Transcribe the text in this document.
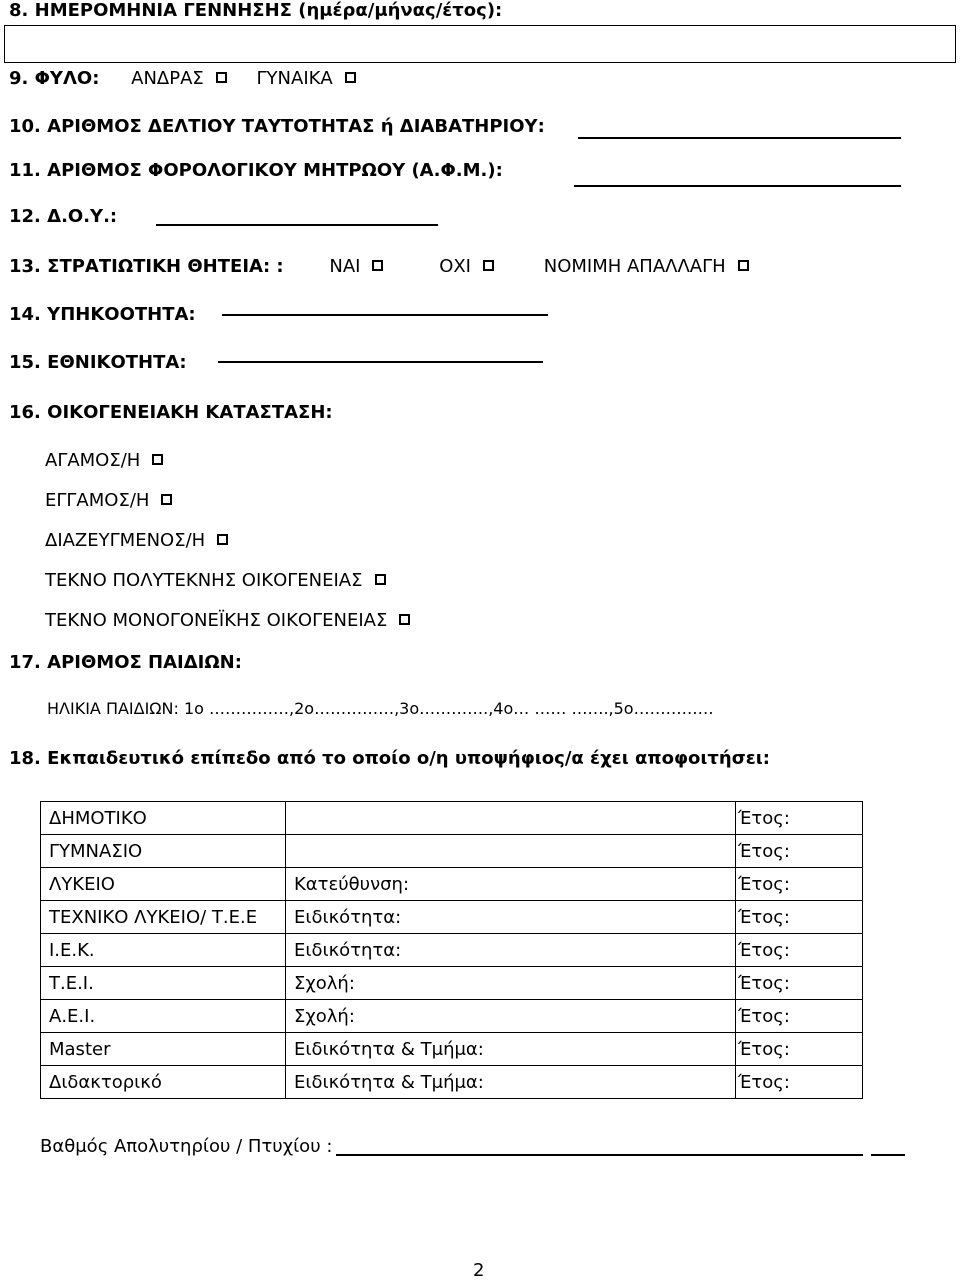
8. ΗΜΕΡΟΜΗΝΙΑ ΓΕΝΝΗΣΗΣ (ημέρα/μήνας/έτος):
9. ΦΥΛΟ: ΑΝΔΡΑΣ	ΓΥΝΑΙΚΑ
10. ΑΡΙΘΜΟΣ ΔΕΛΤΙΟΥ ΤΑΥΤΟΤΗΤΑΣ ή ΔΙΑΒΑΤΗΡΙΟΥ:
11. ΑΡΙΘΜΟΣ ΦΟΡΟΛΟΓΙΚΟΥ ΜΗΤΡΩΟΥ (Α.Φ.Μ.):
12. Δ.Ο.Υ.:
13. ΣΤΡΑΤΙΩΤΙΚΗ ΘΗΤΕΙΑ: :	ΝΑΙ	ΟΧΙ	ΝΟΜΙΜΗ ΑΠΑΛΛΑΓΗ
14. ΥΠΗΚΟΟΤΗΤΑ:
15. ΕΘΝΙΚΟΤΗΤΑ:
16. ΟΙΚΟΓΕΝΕΙΑΚΗ ΚΑΤΑΣΤΑΣΗ:
ΑΓΑΜΟΣ/Η
ΕΓΓΑΜΟΣ/Η
ΔΙΑΖΕΥΓΜΕΝΟΣ/Η
ΤΕΚΝΟ ΠΟΛΥΤΕΚΝΗΣ ΟΙΚΟΓΕΝΕΙΑΣ
ΤΕΚΝΟ ΜΟΝΟΓΟΝΕΪΚΗΣ ΟΙΚΟΓΕΝΕΙΑΣ
17. ΑΡΙΘΜΟΣ ΠΑΙΔΙΩΝ:
ΗΛΙΚΙΑ ΠΑΙΔΙΩΝ: 1ο ……………,2ο……………,3ο………….,4ο… …… …….,5ο……………
18. Εκπαιδευτικό επίπεδο από το οποίο ο/η υποψήφιος/α έχει αποφοιτήσει:
ΔΗΜΟΤΙΚΟ		Έτος:
ΓΥΜΝΑΣΙΟ		Έτος:
ΛΥΚΕΙΟ	Κατεύθυνση:	Έτος:
ΤΕΧΝΙΚΟ ΛΥΚΕΙΟ/ Τ.Ε.Ε	Ειδικότητα:	Έτος:
Ι.Ε.Κ.	Ειδικότητα:	Έτος:
Τ.Ε.Ι.	Σχολή:	Έτος:
Α.Ε.Ι.	Σχολή:	Έτος:
Master	Ειδικότητα & Τμήμα:	Έτος:
Διδακτορικό	Ειδικότητα & Τμήμα:	Έτος:
Βαθμός Απολυτηρίου / Πτυχίου :
2
